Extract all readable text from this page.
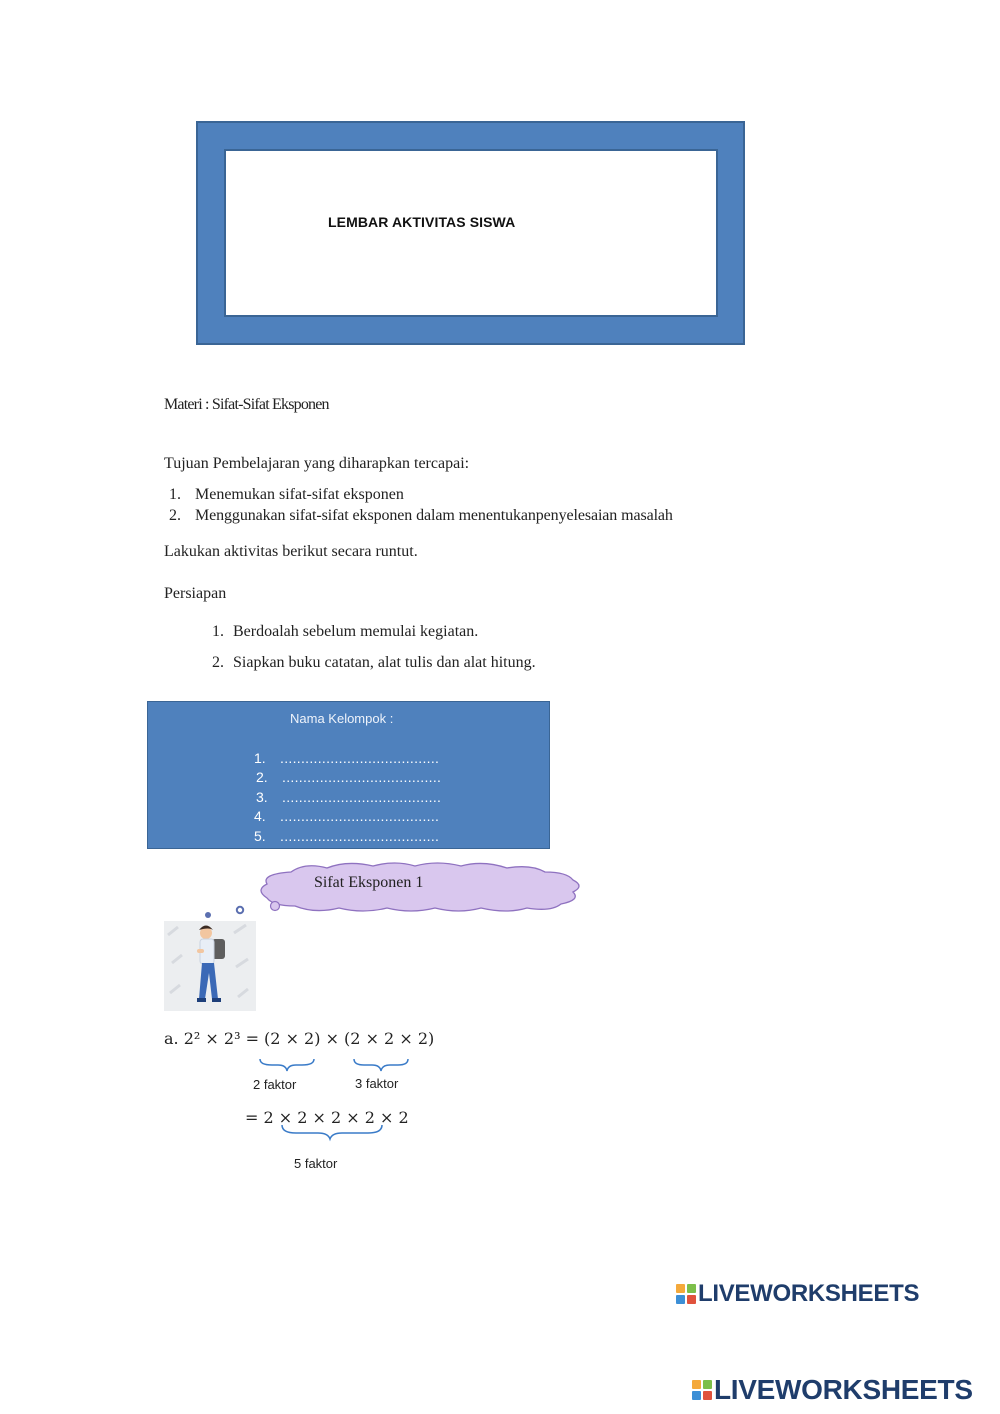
LEMBAR AKTIVITAS SISWA
Materi : Sifat-Sifat Eksponen
Tujuan Pembelajaran yang diharapkan tercapai:
1. Menemukan sifat-sifat eksponen
2. Menggunakan sifat-sifat eksponen dalam menentukanpenyelesaian masalah
Lakukan aktivitas berikut secara runtut.
Persiapan
1. Berdoalah sebelum memulai kegiatan.
2. Siapkan buku catatan, alat tulis dan alat hitung.
Nama Kelompok :
1. ......................................
2. ......................................
3. ......................................
4. ......................................
5. ......................................
Sifat Eksponen 1
a. 2² × 2³ = (2 × 2) × (2 × 2 × 2)
2 faktor	3 faktor
= 2 × 2 × 2 × 2 × 2
5 faktor
LIVEWORKSHEETS
LIVEWORKSHEETS
